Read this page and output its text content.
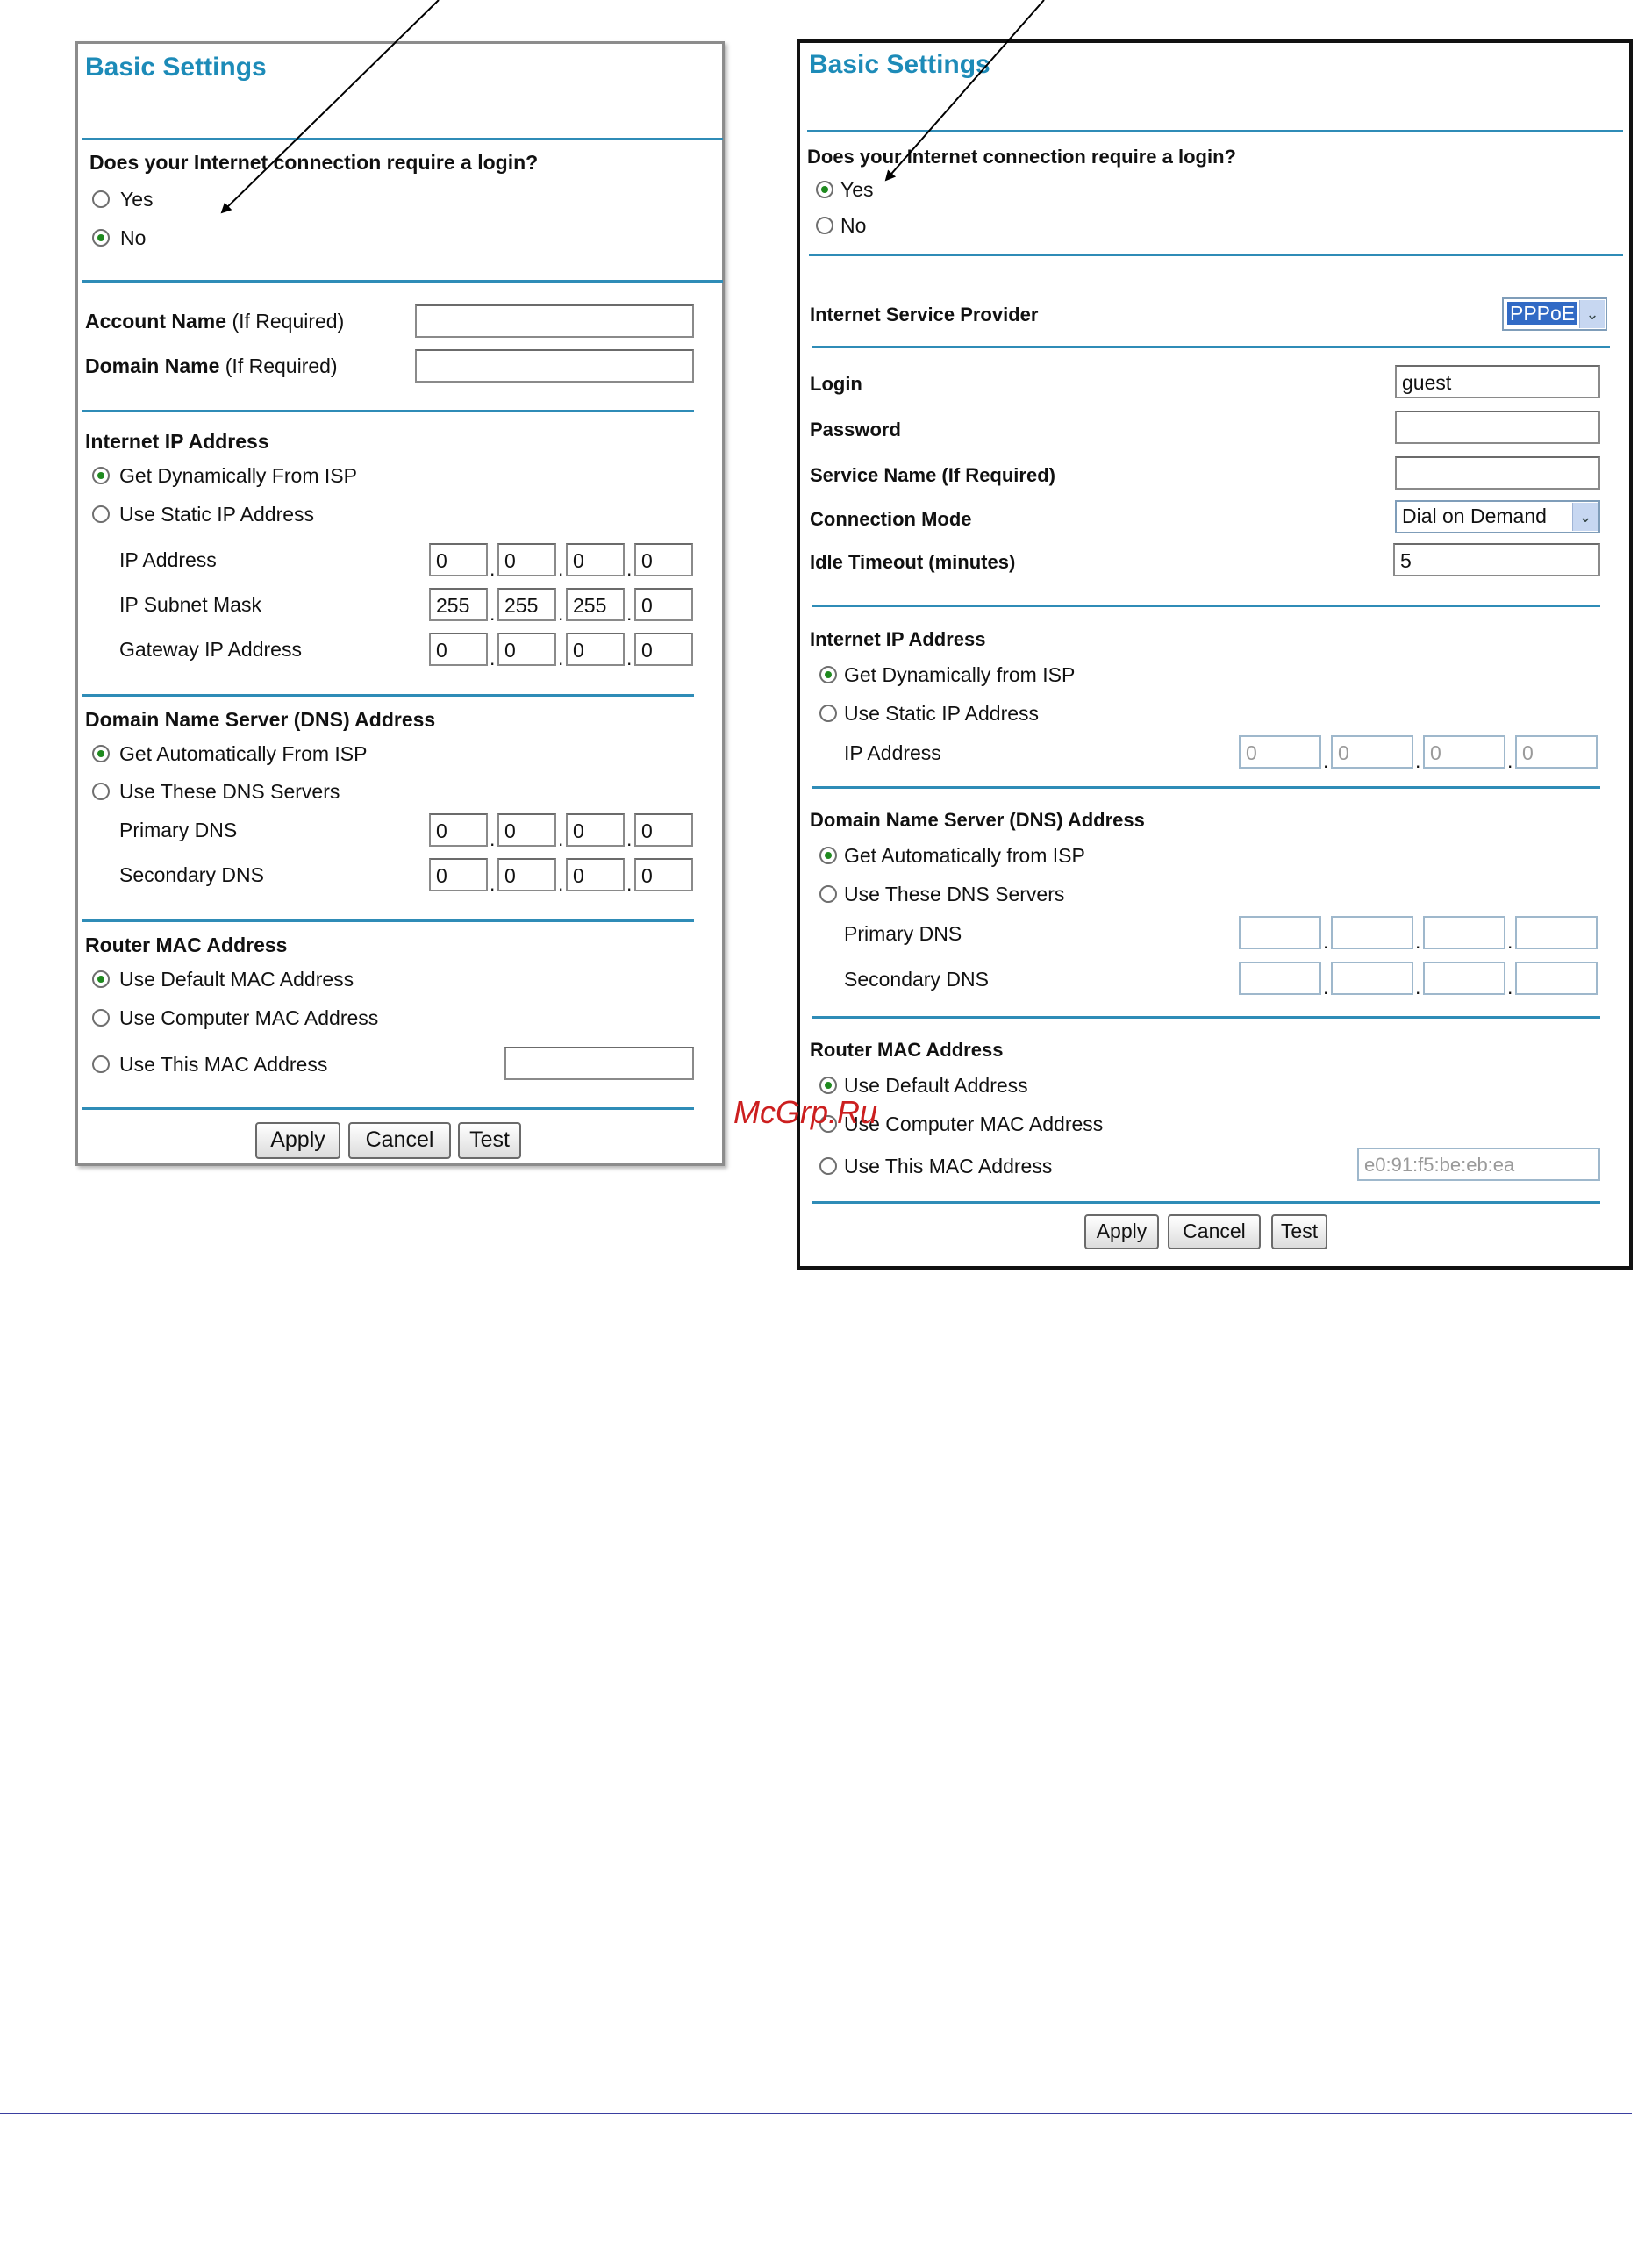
Basic Settings
Does your Internet connection require a login?
Yes
No
Account Name (If Required)
Domain Name (If Required)
Internet IP Address
Get Dynamically From ISP
Use Static IP Address
IP Address	0	. 0	. 0	. 0
IP Subnet Mask	255 . 255 . 255 . 0
Gateway IP Address	0	. 0	. 0	. 0
Domain Name Server (DNS) Address
Get Automatically From ISP
Use These DNS Servers
Primary DNS	0	. 0	. 0	. 0
Secondary DNS	0	. 0	. 0	. 0
Router MAC Address
Use Default MAC Address
Use Computer MAC Address
Use This MAC Address
Apply	Cancel	Test
Basic Settings
Does your Internet connection require a login?
Yes
No
Internet Service Provider	PPPoE ⌄
Login	guest
Password
Service Name (If Required)
Connection Mode	Dial on Demand	⌄
Idle Timeout (minutes)	5
Internet IP Address
Get Dynamically from ISP
Use Static IP Address
IP Address	0	. 0	. 0	. 0
Domain Name Server (DNS) Address
Get Automatically from ISP
Use These DNS Servers
Primary DNS	.	.	.
Secondary DNS	.	.	.
Router MAC Address
Use Default Address
Use Computer MAC Address
Use This MAC Address	e0:91:f5:be:eb:ea
Apply	Cancel	Test
McGrp.Ru
